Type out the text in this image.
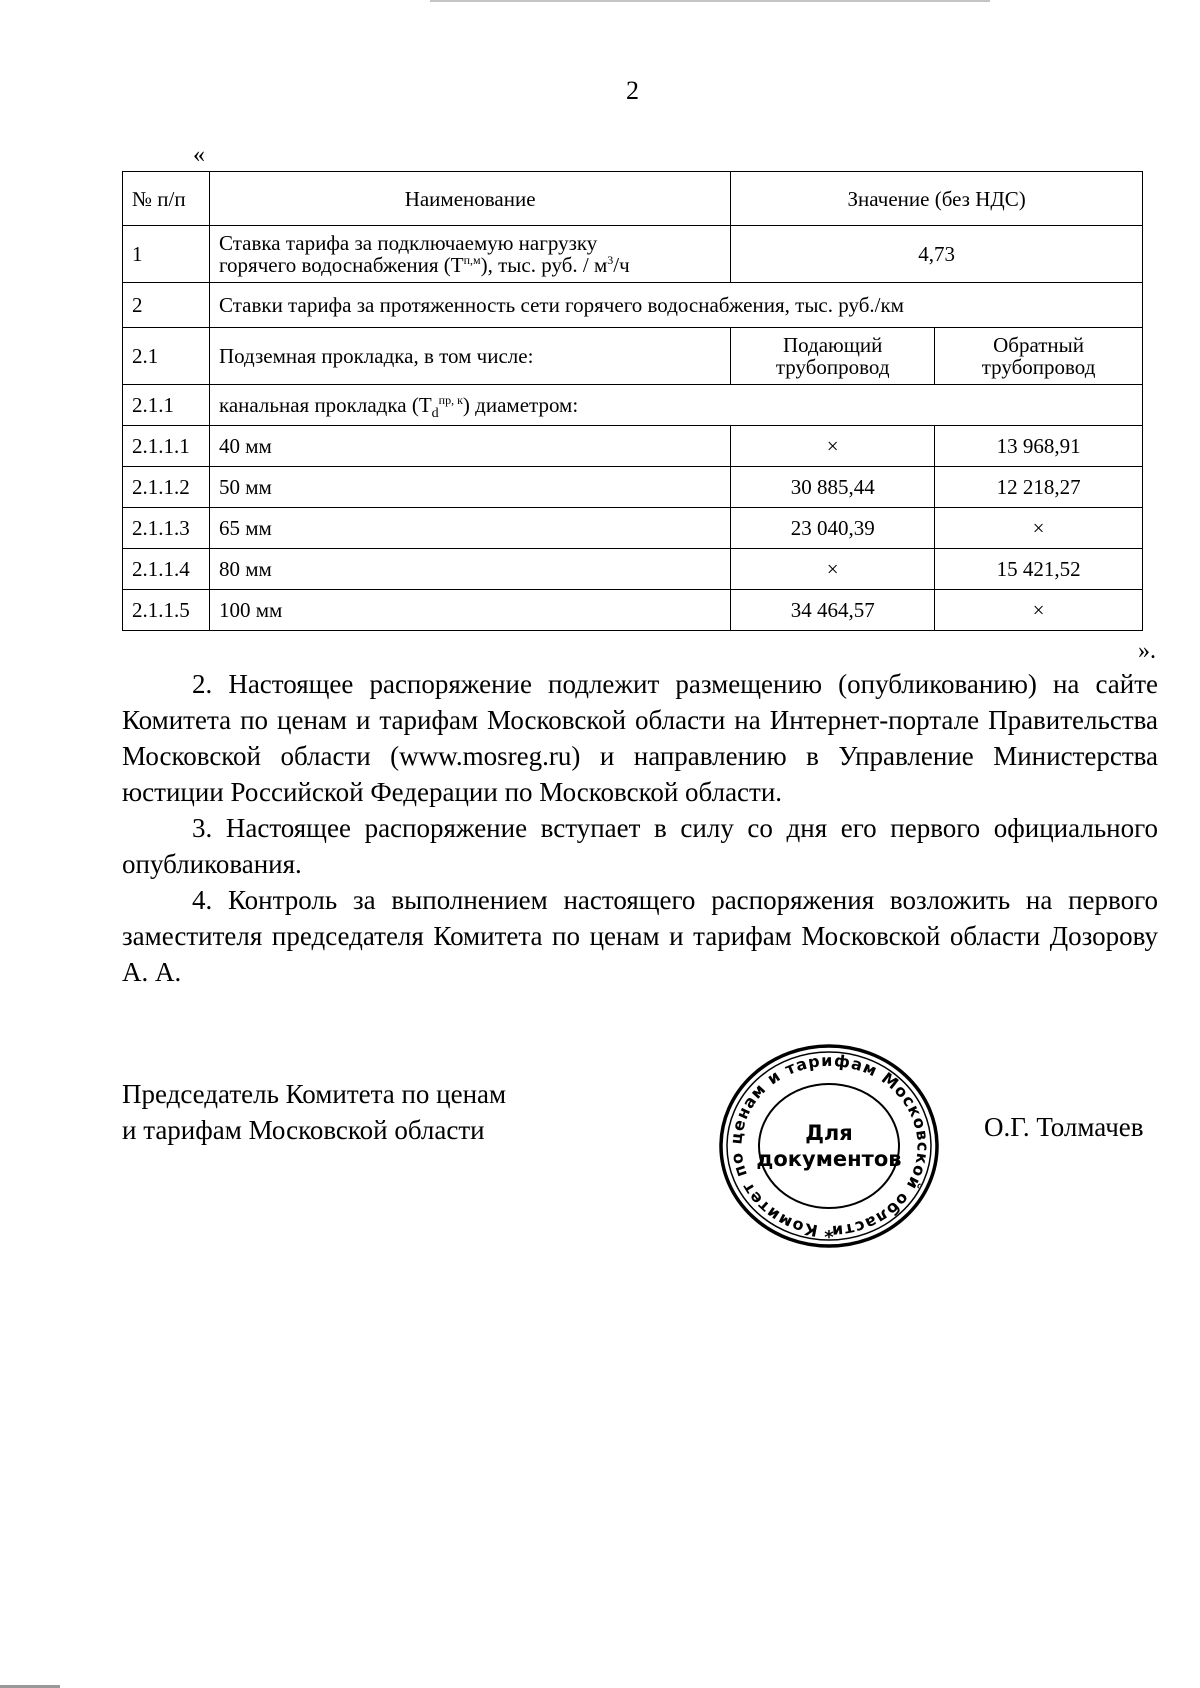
2
«
№ п/п	Наименование	Значение (без НДС)	
1	Ставка тарифа за подключаемую нагрузку
горячего водоснабжения $(Т^{п,м})$, тыс. руб. / $м^3/ч$	4,73	
2	Ставки тарифа за протяженность сети горячего водоснабжения, тыс. руб./км		
2.1	Подземная прокладка, в том числе:	Подающий трубопровод	Обратный трубопровод
2.1.1	канальная прокладка $(Т_d^{пр, к})$ диаметром:		
2.1.1.1	40 мм	×	13 968,91
2.1.1.2	50 мм	30 885,44	12 218,27
2.1.1.3	65 мм	23 040,39	×
2.1.1.4	80 мм	×	15 421,52
2.1.1.5	100 мм	34 464,57	×
».

2. Настоящее распоряжение подлежит размещению (опубликованию) на сайте Комитета по ценам и тарифам Московской области на Интернет-портале Правительства Московской области (www.mosreg.ru) и направлению в Управление Министерства юстиции Российской Федерации по Московской области.

3. Настоящее распоряжение вступает в силу со дня его первого официального опубликования.

4. Контроль за выполнением настоящего распоряжения возложить на первого заместителя председателя Комитета по ценам и тарифам Московской области Дозорову А. А.

Председатель Комитета по ценам
и тарифам Московской области
Комитет по ценам и тарифам Московской области
Для
документов
*
О.Г. Толмачев
